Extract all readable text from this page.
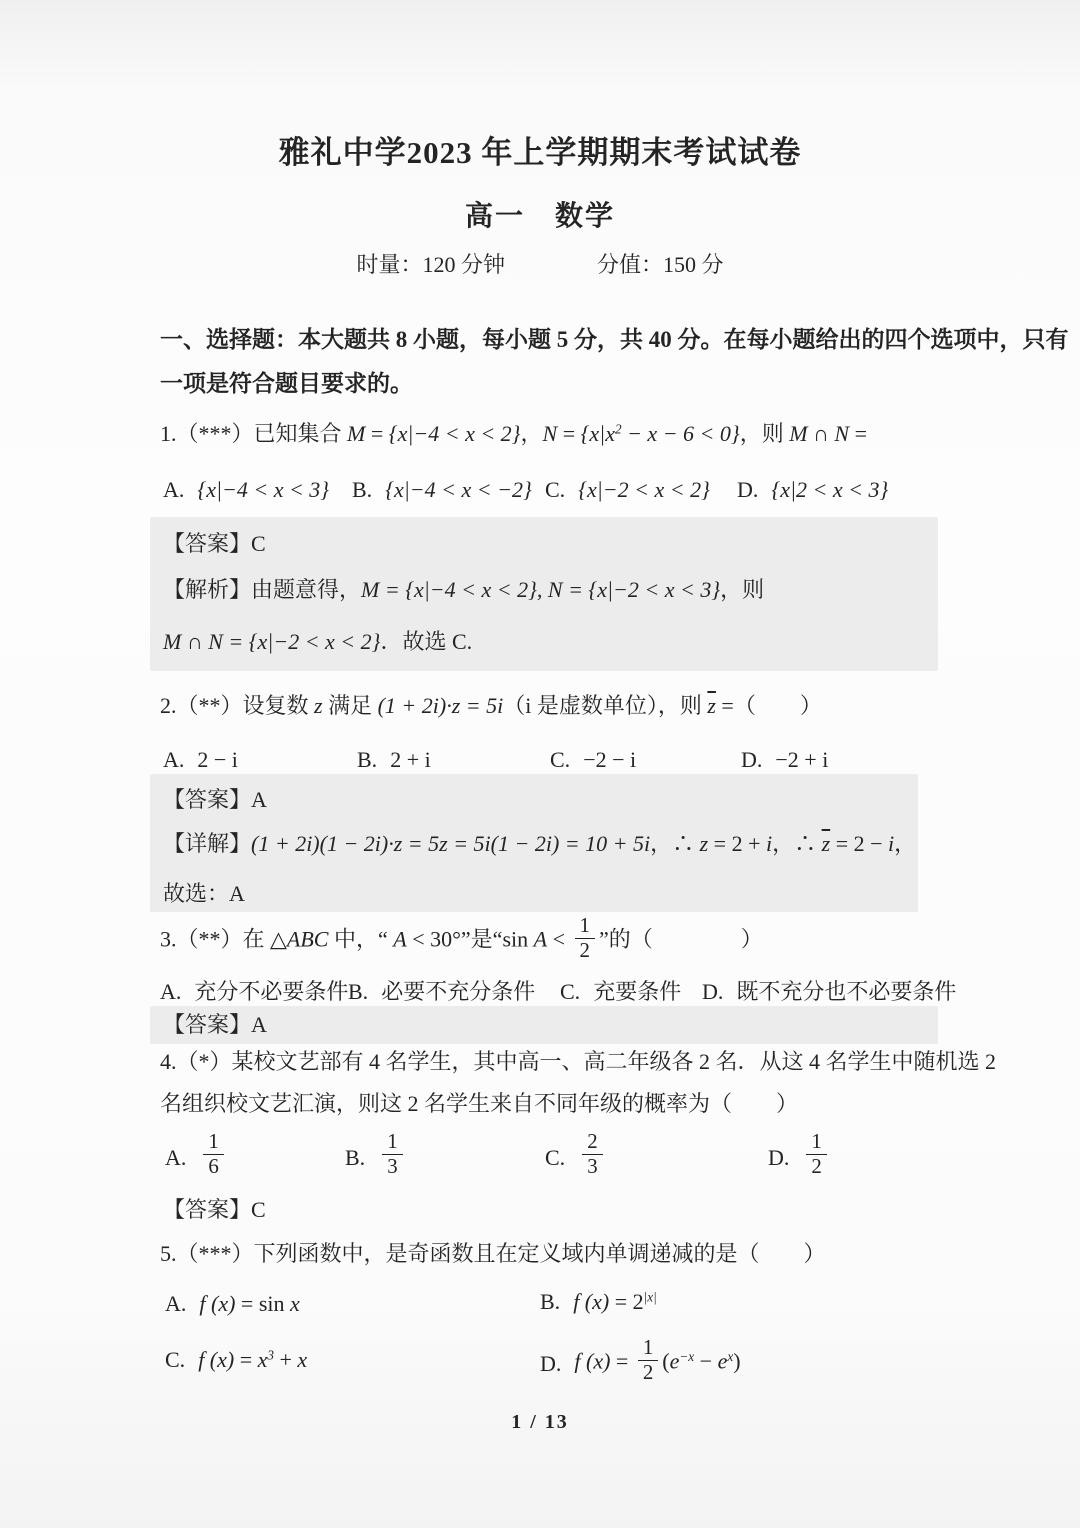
雅礼中学2023 年上学期期末考试试卷
高一　数学
时量：120 分钟	分值：150 分
一、选择题：本大题共 8 小题，每小题 5 分，共 40 分。在每小题给出的四个选项中，只有
一项是符合题目要求的。
1.（***）已知集合 M = {x|−4 < x < 2}，$N = \{x|x^2 - x - 6 < 0\}$，则 M ∩ N =
A. {x|−4 < x < 3} B. {x|−4 < x < −2} C. {x|−2 < x < 2} D. {x|2 < x < 3}
【答案】C
【解析】由题意得，M = {x|−4 < x < 2}, N = {x|−2 < x < 3}，则
M ∩ N = {x|−2 < x < 2}．故选 C.
2.（**）设复数 z 满足 (1 + 2i)·z = 5i（i 是虚数单位），则 $\overline{z}$ =（　　）
A. 2 − i	B. 2 + i	C. −2 − i	D. −2 + i
【答案】A
【详解】(1 + 2i)(1 − 2i)·z = 5z = 5i(1 − 2i) = 10 + 5i，∴ z = 2 + i，∴ $\overline{z} = 2 - i$，
故选：A
3.（**）在 △ABC 中，“ A < 30°”是“sin $A < \frac{1}{2}$ ”的（　　　　）
A. 充分不必要条件 B. 必要不充分条件 C. 充要条件 D. 既不充分也不必要条件
【答案】A
4.（*）某校文艺部有 4 名学生，其中高一、高二年级各 2 名．从这 4 名学生中随机选 2
名组织校文艺汇演，则这 2 名学生来自不同年级的概率为（　　）
A. $\frac{1}{6}$	B. $\frac{1}{3}$	C. $\frac{2}{3}$	D. $\frac{1}{2}$
【答案】C
5.（***）下列函数中，是奇函数且在定义域内单调递减的是（　　）
A. f (x) = sin x	B. f $(x) = 2^{|x|}$
C. f $(x) = x^3 + x$	D. f $(x) = \frac{1}{2} (e^{-x} - e^x)$
1 / 13
